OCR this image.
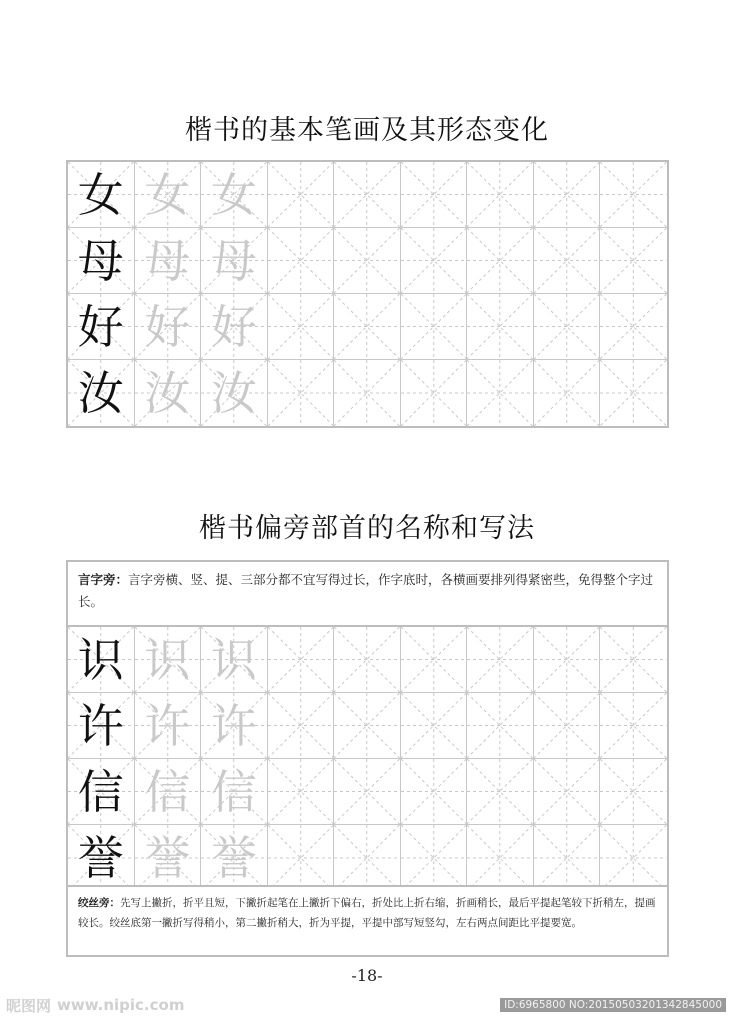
楷书的基本笔画及其形态变化
女 女 女
母 母 母
好 好 好
汝 汝 汝
楷书偏旁部首的名称和写法
言字旁：言字旁横、竖、提、三部分都不宜写得过长，作字底时，各横画要排列得紧密些，免得整个字过长。
识 识 识
许 许 许
信 信 信
誉 誉 誉
绞丝旁：先写上撇折，折平且短，下撇折起笔在上撇折下偏右，折处比上折右缩，折画稍长，最后平提起笔较下折稍左，提画较长。绞丝底第一撇折写得稍小，第二撇折稍大，折为平提，平提中部写短竖勾，左右两点间距比平提要宽。
-18-
昵图网 www.nipic.com	ID:6965800 NO:20150503201342845000
